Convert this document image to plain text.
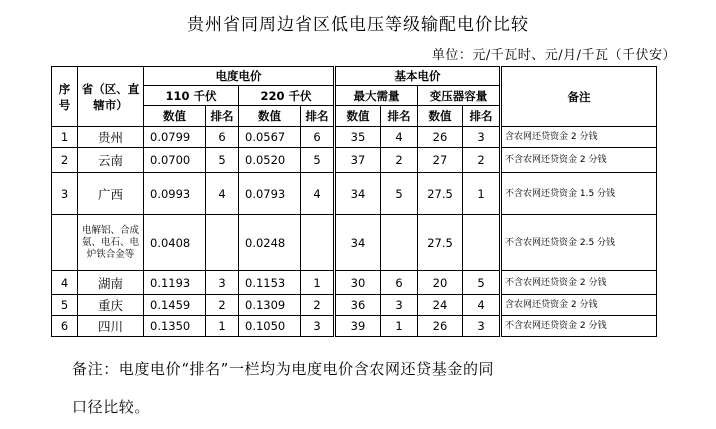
贵州省同周边省区低电压等级输配电价比较
单位：元/千瓦时、元/月/千瓦（千伏安）
序号	省（区、直辖市）	电度电价				基本电价				备注
		110 千伏		220 千伏		最大需量		变压器容量		
		数值	排名	数值	排名	数值	排名	数值	排名	
1	贵州	0.0799	6	0.0567	6	35	4	26	3	含农网还贷资金 2 分钱
2	云南	0.0700	5	0.0520	5	37	2	27	2	不含农网还贷资金 2 分钱
3	广西	0.0993	4	0.0793	4	34	5	27.5	1	不含农网还贷资金 1.5 分钱
	电解铝、合成氨、电石、电炉铁合金等	0.0408		0.0248		34		27.5		不含农网还贷资金 2.5 分钱
4	湖南	0.1193	3	0.1153	1	30	6	20	5	不含农网还贷资金 2 分钱
5	重庆	0.1459	2	0.1309	2	36	3	24	4	含农网还贷资金 2 分钱
6	四川	0.1350	1	0.1050	3	39	1	26	3	不含农网还贷资金 2 分钱
备注：电度电价“排名”一栏均为电度电价含农网还贷基金的同
口径比较。
